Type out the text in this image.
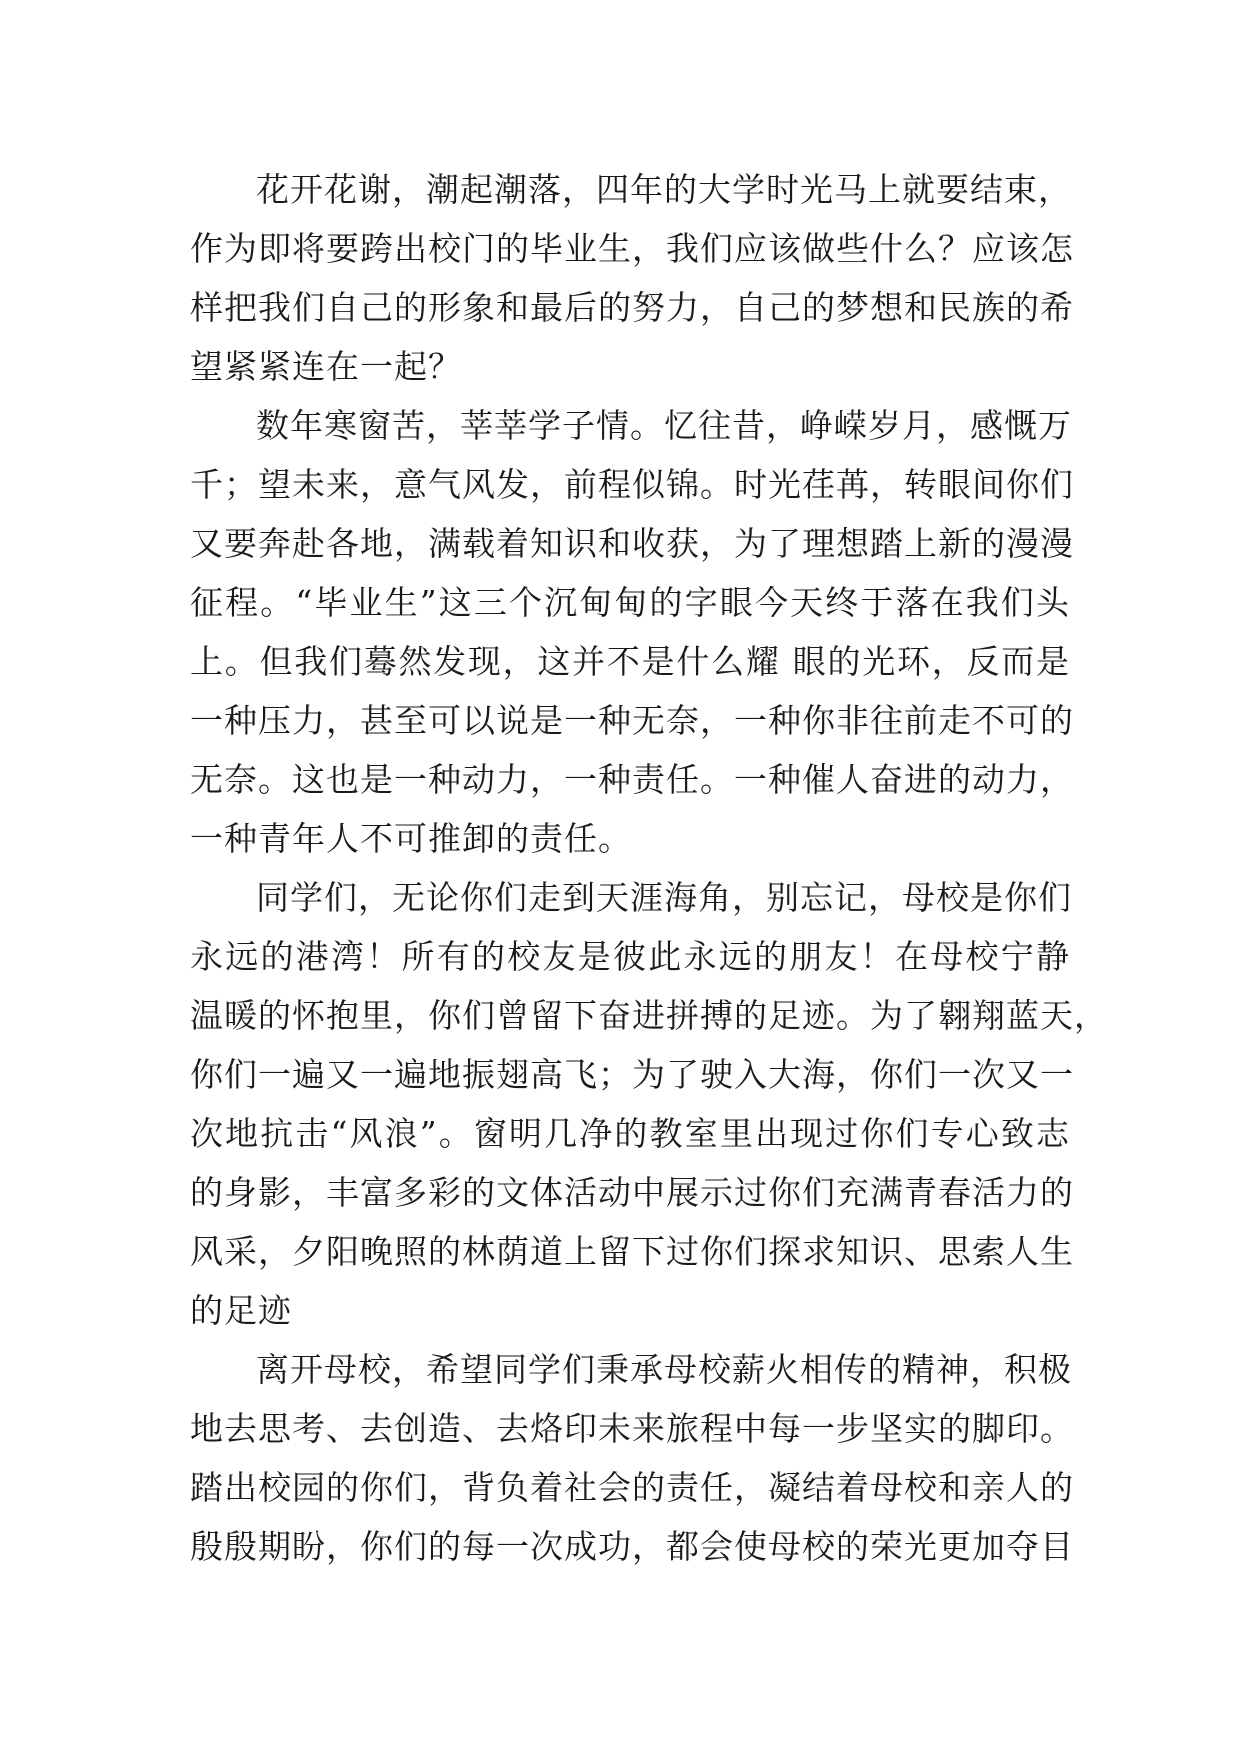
花开花谢，潮起潮落，四年的大学时光马上就要结束，
作为即将要跨出校门的毕业生，我们应该做些什么？应该怎
样把我们自己的形象和最后的努力，自己的梦想和民族的希
望紧紧连在一起？
数年寒窗苦，莘莘学子情。忆往昔，峥嵘岁月，感慨万
千；望未来，意气风发，前程似锦。时光荏苒，转眼间你们
又要奔赴各地，满载着知识和收获，为了理想踏上新的漫漫
征程。“毕业生”这三个沉甸甸的字眼今天终于落在我们头
上。但我们蓦然发现，这并不是什么耀 眼的光环，反而是
一种压力，甚至可以说是一种无奈，一种你非往前走不可的
无奈。这也是一种动力，一种责任。一种催人奋进的动力，
一种青年人不可推卸的责任。
同学们，无论你们走到天涯海角，别忘记，母校是你们
永远的港湾！所有的校友是彼此永远的朋友！在母校宁静
温暖的怀抱里，你们曾留下奋进拼搏的足迹。为了翱翔蓝天，
你们一遍又一遍地振翅高飞；为了驶入大海，你们一次又一
次地抗击“风浪”。窗明几净的教室里出现过你们专心致志
的身影，丰富多彩的文体活动中展示过你们充满青春活力的
风采，夕阳晚照的林荫道上留下过你们探求知识、思索人生
的足迹
离开母校，希望同学们秉承母校薪火相传的精神，积极
地去思考、去创造、去烙印未来旅程中每一步坚实的脚印。
踏出校园的你们，背负着社会的责任，凝结着母校和亲人的
殷殷期盼，你们的每一次成功，都会使母校的荣光更加夺目
